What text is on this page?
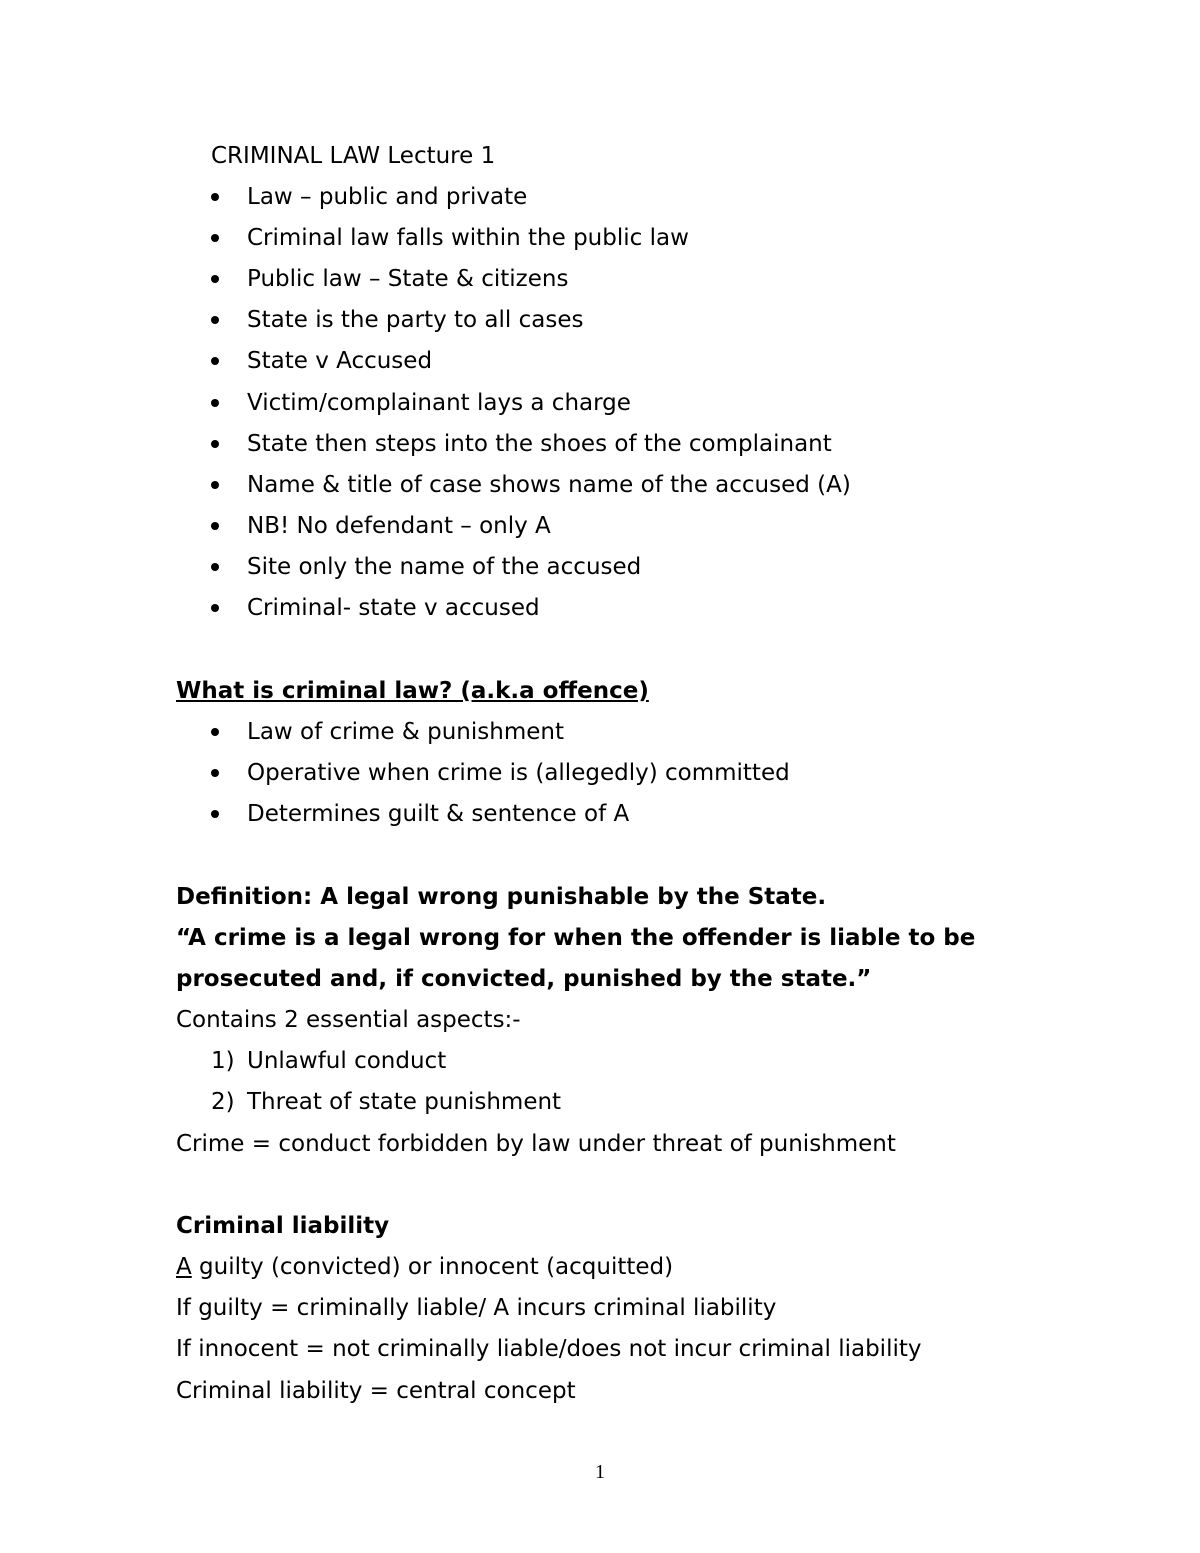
CRIMINAL LAW Lecture 1
Law – public and private
Criminal law falls within the public law
Public law – State & citizens
State is the party to all cases
State v Accused
Victim/complainant lays a charge
State then steps into the shoes of the complainant
Name & title of case shows name of the accused (A)
NB! No defendant – only A
Site only the name of the accused
Criminal- state v accused
What is criminal law? (a.k.a offence)
Law of crime & punishment
Operative when crime is (allegedly) committed
Determines guilt & sentence of A
Definition: A legal wrong punishable by the State.
“A crime is a legal wrong for when the offender is liable to be
prosecuted and, if convicted, punished by the state.”
Contains 2 essential aspects:-
1) Unlawful conduct
2) Threat of state punishment
Crime = conduct forbidden by law under threat of punishment
Criminal liability
A guilty (convicted) or innocent (acquitted)
If guilty = criminally liable/ A incurs criminal liability
If innocent = not criminally liable/does not incur criminal liability
Criminal liability = central concept
1
